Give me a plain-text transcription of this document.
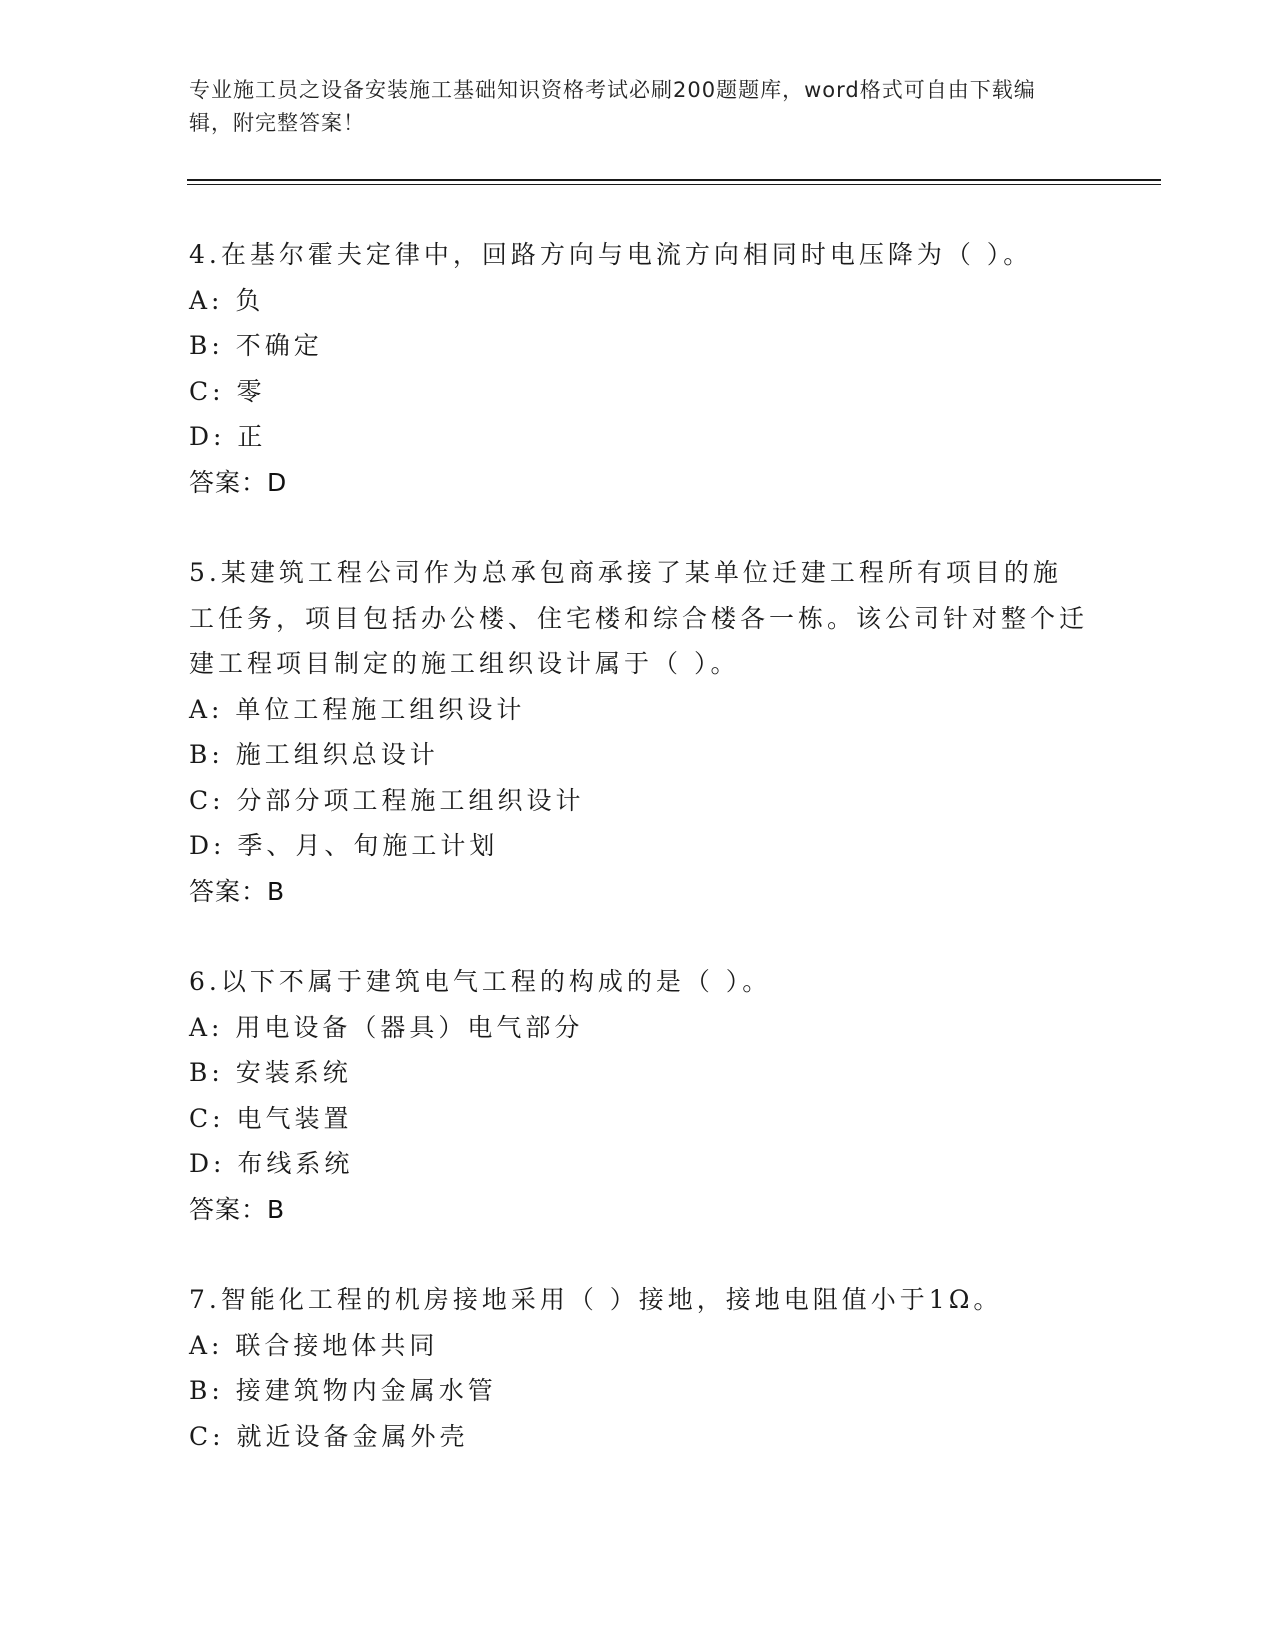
专业施工员之设备安装施工基础知识资格考试必刷200题题库，word格式可自由下载编辑，附完整答案！
4.在基尔霍夫定律中，回路方向与电流方向相同时电压降为（ ）。
A: 负
B: 不确定
C: 零
D: 正
答案：D
5.某建筑工程公司作为总承包商承接了某单位迁建工程所有项目的施工任务，项目包括办公楼、住宅楼和综合楼各一栋。该公司针对整个迁建工程项目制定的施工组织设计属于（ ）。
A: 单位工程施工组织设计
B: 施工组织总设计
C: 分部分项工程施工组织设计
D: 季、月、旬施工计划
答案：B
6.以下不属于建筑电气工程的构成的是（ ）。
A: 用电设备（器具）电气部分
B: 安装系统
C: 电气装置
D: 布线系统
答案：B
7.智能化工程的机房接地采用（ ）接地，接地电阻值小于1Ω。
A: 联合接地体共同
B: 接建筑物内金属水管
C: 就近设备金属外壳
